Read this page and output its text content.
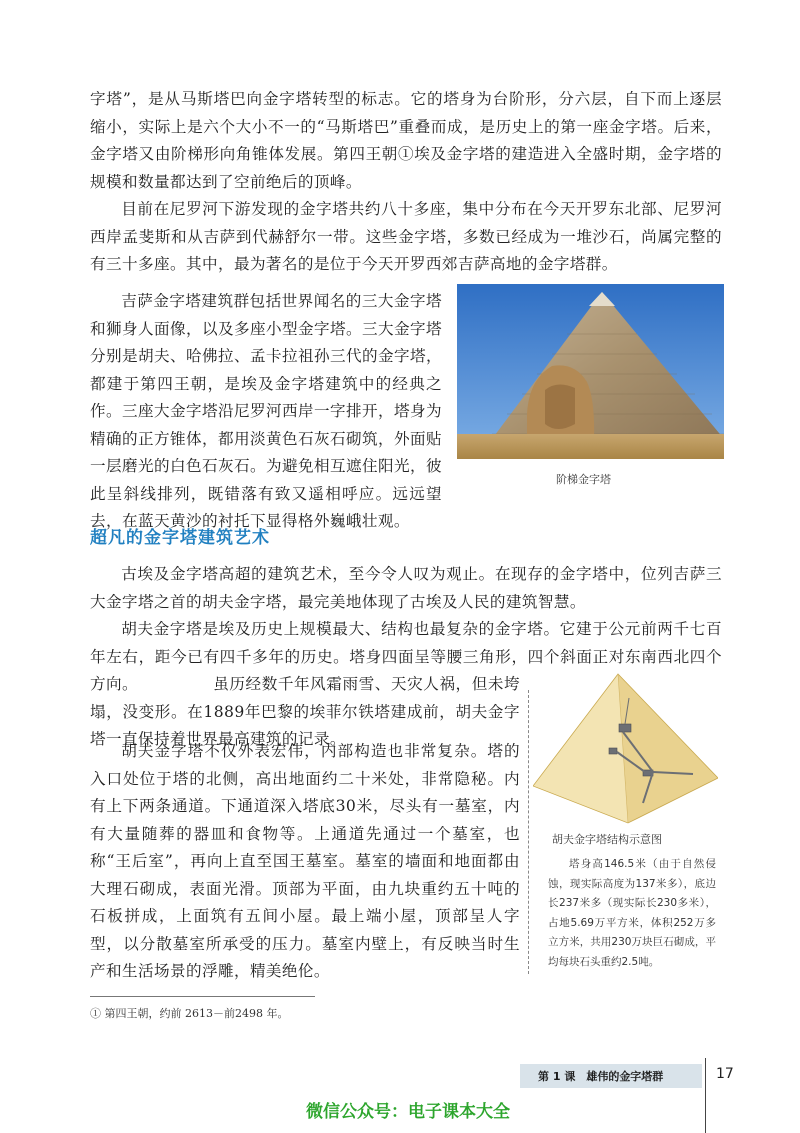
字塔”，是从马斯塔巴向金字塔转型的标志。它的塔身为台阶形，分六层，自下而上逐层缩小，实际上是六个大小不一的“马斯塔巴”重叠而成，是历史上的第一座金字塔。后来，金字塔又由阶梯形向角锥体发展。第四王朝①埃及金字塔的建造进入全盛时期，金字塔的规模和数量都达到了空前绝后的顶峰。

目前在尼罗河下游发现的金字塔共约八十多座，集中分布在今天开罗东北部、尼罗河西岸孟斐斯和从吉萨到代赫舒尔一带。这些金字塔，多数已经成为一堆沙石，尚属完整的有三十多座。其中，最为著名的是位于今天开罗西郊吉萨高地的金字塔群。

吉萨金字塔建筑群包括世界闻名的三大金字塔和狮身人面像，以及多座小型金字塔。三大金字塔分别是胡夫、哈佛拉、孟卡拉祖孙三代的金字塔，都建于第四王朝，是埃及金字塔建筑中的经典之作。三座大金字塔沿尼罗河西岸一字排开，塔身为精确的正方锥体，都用淡黄色石灰石砌筑，外面贴一层磨光的白色石灰石。为避免相互遮住阳光，彼此呈斜线排列，既错落有致又遥相呼应。远远望去，在蓝天黄沙的衬托下显得格外巍峨壮观。

阶梯金字塔
超凡的金字塔建筑艺术

古埃及金字塔高超的建筑艺术，至今令人叹为观止。在现存的金字塔中，位列吉萨三大金字塔之首的胡夫金字塔，最完美地体现了古埃及人民的建筑智慧。

胡夫金字塔是埃及历史上规模最大、结构也最复杂的金字塔。它建于公元前两千七百年左右，距今已有四千多年的历史。塔身四面呈等腰三角形，四个斜面正对东南西北四个方向。	虽历经数千年风霜雨雪、天灾人祸，但未垮塌，没变形。在1889年巴黎的埃菲尔铁塔建成前，胡夫金字塔一直保持着世界最高建筑的记录。

胡夫金字塔不仅外表宏伟，内部构造也非常复杂。塔的入口处位于塔的北侧，高出地面约二十米处，非常隐秘。内有上下两条通道。下通道深入塔底30米，尽头有一墓室，内有大量随葬的器皿和食物等。上通道先通过一个墓室，也称“王后室”，再向上直至国王墓室。墓室的墙面和地面都由大理石砌成，表面光滑。顶部为平面，由九块重约五十吨的石板拼成，上面筑有五间小屋。最上端小屋，顶部呈人字型，以分散墓室所承受的压力。墓室内壁上，有反映当时生产和生活场景的浮雕，精美绝伦。

胡夫金字塔结构示意图

塔身高146.5米（由于自然侵蚀，现实际高度为137米多），底边长237米多（现实际长230多米），占地5.69万平方米，体积252万多立方米，共用230万块巨石砌成，平均每块石头重约2.5吨。

① 第四王朝，约前 2613－前2498 年。

第 1 课　雄伟的金字塔群	17
微信公众号：电子课本大全
